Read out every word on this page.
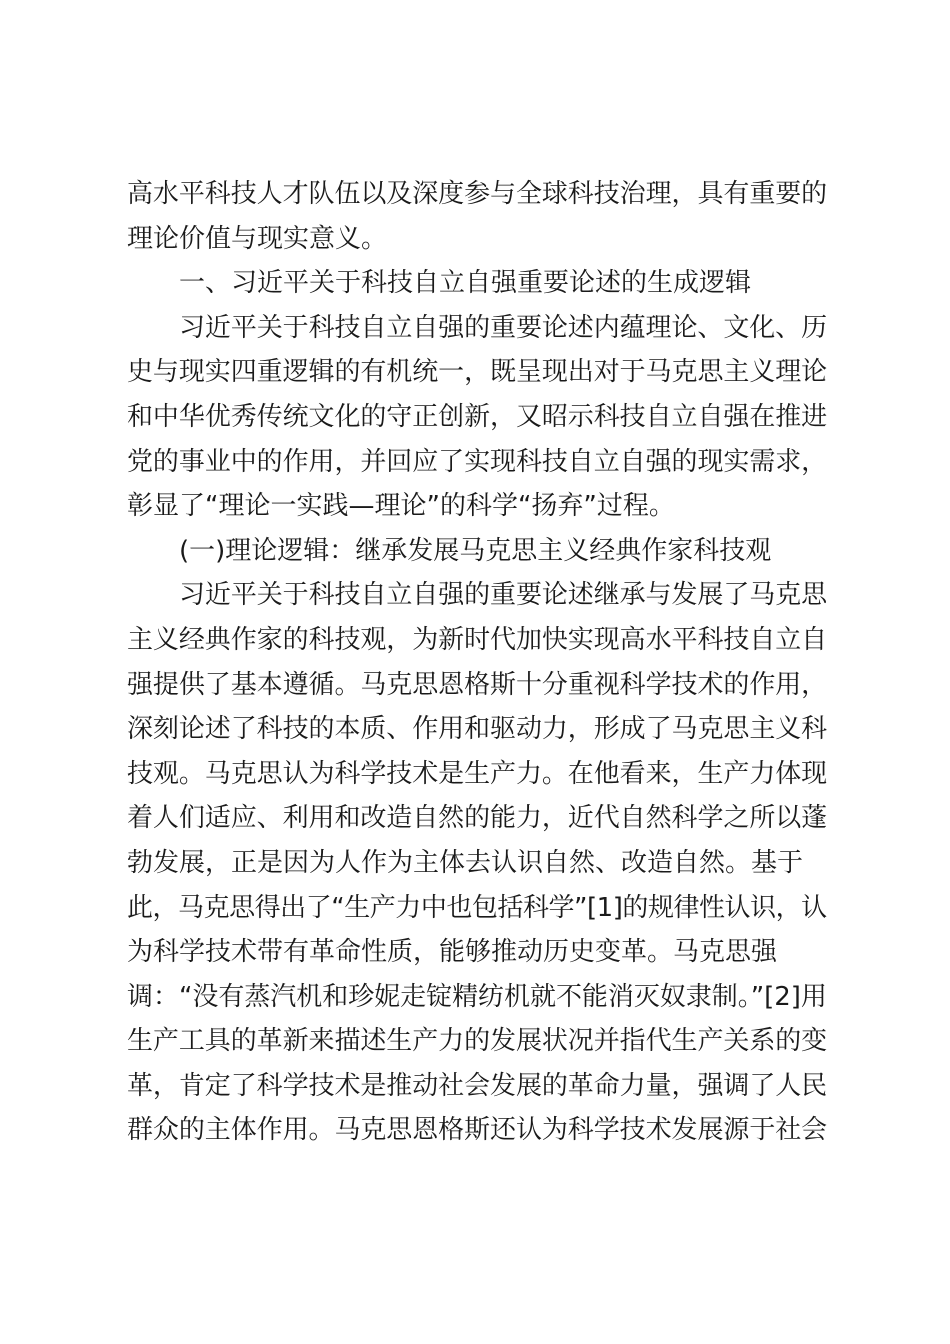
高水平科技人才队伍以及深度参与全球科技治理，具有重要的
理论价值与现实意义。
一、习近平关于科技自立自强重要论述的生成逻辑
习近平关于科技自立自强的重要论述内蕴理论、文化、历
史与现实四重逻辑的有机统一，既呈现出对于马克思主义理论
和中华优秀传统文化的守正创新，又昭示科技自立自强在推进
党的事业中的作用，并回应了实现科技自立自强的现实需求，
彰显了“理论一实践—理论”的科学“扬弃”过程。
(一)理论逻辑：继承发展马克思主义经典作家科技观
习近平关于科技自立自强的重要论述继承与发展了马克思
主义经典作家的科技观，为新时代加快实现高水平科技自立自
强提供了基本遵循。马克思恩格斯十分重视科学技术的作用，
深刻论述了科技的本质、作用和驱动力，形成了马克思主义科
技观。马克思认为科学技术是生产力。在他看来，生产力体现
着人们适应、利用和改造自然的能力，近代自然科学之所以蓬
勃发展，正是因为人作为主体去认识自然、改造自然。基于
此，马克思得出了“生产力中也包括科学”[1]的规律性认识，认
为科学技术带有革命性质，能够推动历史变革。马克思强
调：“没有蒸汽机和珍妮走锭精纺机就不能消灭奴隶制。”[2]用
生产工具的革新来描述生产力的发展状况并指代生产关系的变
革，肯定了科学技术是推动社会发展的革命力量，强调了人民
群众的主体作用。马克思恩格斯还认为科学技术发展源于社会
